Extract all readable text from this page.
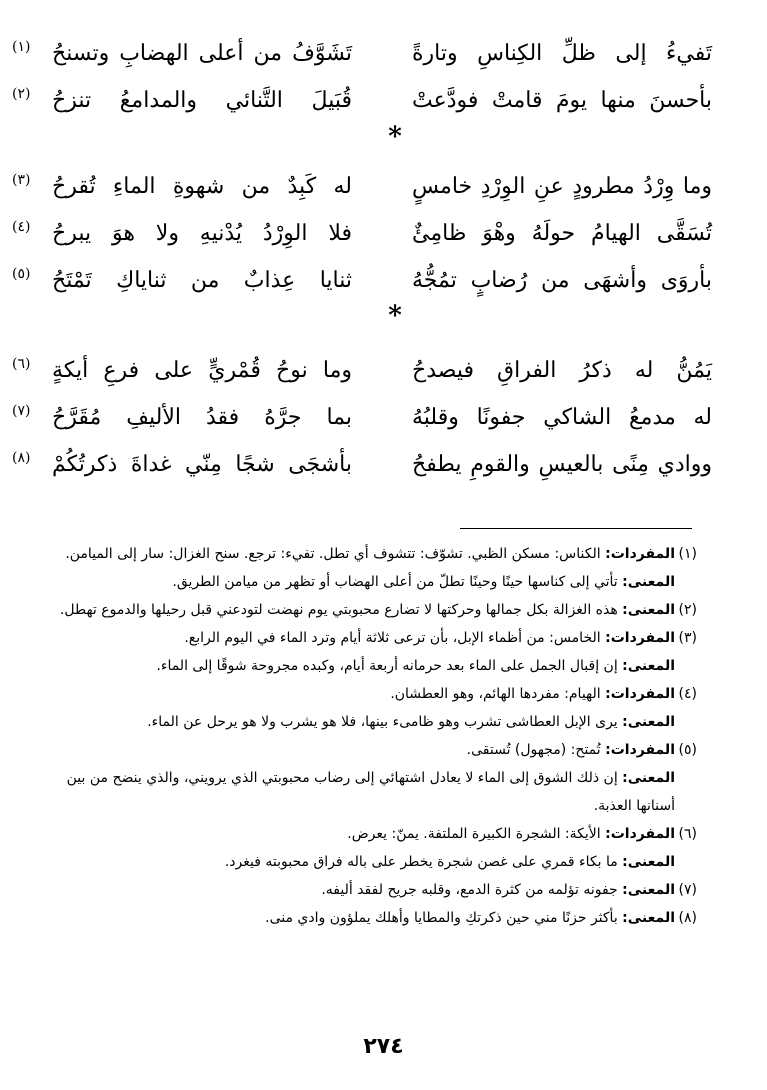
تَفيءُ إلى ظلِّ الكِناسِ وتارةً
تَشَوَّفُ من أعلى الهضابِ وتسنحُ
(١)
بأحسنَ منها يومَ قامتْ فودَّعتْ
قُبَيلَ التَّنائي والمدامعُ تنزحُ
(٢)
*
وما وِرْدُ مطرودٍ عنِ الوِرْدِ خامسٍ
له كَبِدٌ من شهوةِ الماءِ تُقرحُ
(٣)
تُسَقَّى الهيامُ حولَهُ وهْوَ ظامِئٌ
فلا الوِرْدُ يُدْنيهِ ولا هوَ يبرحُ
(٤)
بأروَى وأشهَى من رُضابٍ تمُجُّهُ
ثنايا عِذابٌ من ثناياكِ تَمْتَحُ
(٥)
*
يَمُنُّ له ذكرُ الفراقِ فيصدحُ
وما نوحُ قُمْريٍّ على فرعِ أيكةٍ
(٦)
له مدمعُ الشاكي جفونًا وقلبُهُ
بما جرَّهُ فقدُ الأليفِ مُقَرَّحُ
(٧)
ووادي مِنًى بالعيسِ والقومِ يطفحُ
بأشجَى شجًا مِنّي غداةَ ذكرتُكُمْ
(٨)

(١)المفردات: الكناس: مسكن الظبي. تشوّف: تتشوف أي تطل. تفيء: ترجع. سنح الغزال: سار إلى الميامن.

المعنى: تأتي إلى كناسها حينًا وحينًا تطلّ من أعلى الهضاب أو تظهر من ميامن الطريق.

(٢)المعنى: هذه الغزالة بكل جمالها وحركتها لا تضارع محبوبتي يوم نهضت لتودعني قبل رحيلها والدموع تهطل.

(٣)المفردات: الخامس: من أظماء الإبل، بأن ترعى ثلاثة أيام وترد الماء في اليوم الرابع.

المعنى: إن إقبال الجمل على الماء بعد حرمانه أربعة أيام، وكبده مجروحة شوقًا إلى الماء.

(٤)المفردات: الهيام: مفردها الهائم، وهو العطشان.

المعنى: يرى الإبل العطاشى تشرب وهو ظامىء بينها، فلا هو يشرب ولا هو يرحل عن الماء.

(٥)المفردات: تُمتح: (مجهول) تُستقى.

المعنى: إن ذلك الشوق إلى الماء لا يعادل اشتهائي إلى رضاب محبوبتي الذي يرويني، والذي ينضح من بين أسنانها العذبة.

(٦)المفردات: الأيكة: الشجرة الكبيرة الملتفة. يمنّ: يعرض.

المعنى: ما بكاء قمري على غصن شجرة يخطر على باله فراق محبوبته فيغرد.

(٧)المعنى: جفونه تؤلمه من كثرة الدمع، وقلبه جريح لفقد أليفه.

(٨)المعنى: بأكثر حزنًا مني حين ذكرتكِ والمطايا وأهلك يملؤون وادي منى.

٢٧٤
